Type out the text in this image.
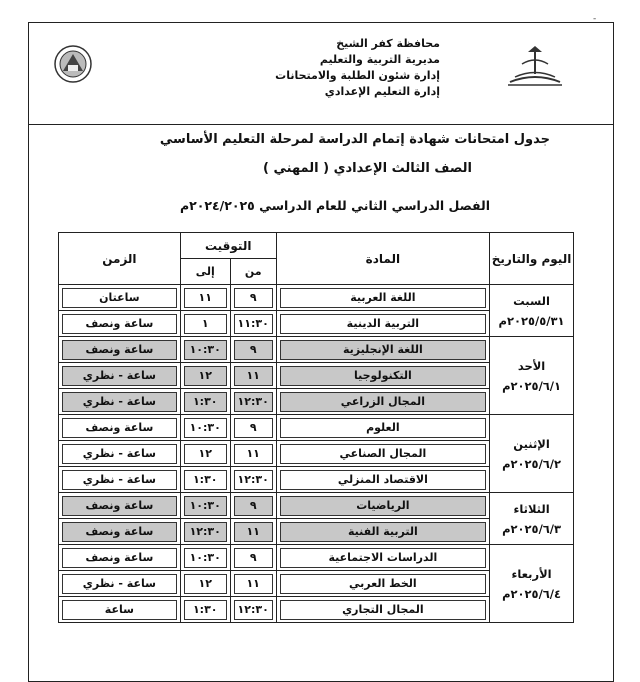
محافظة كفر الشيخ
مديرية التربية والتعليم
إدارة شئون الطلبة والامتحانات
إدارة التعليم الإعدادي
جدول امتحانات شهادة إتمام الدراسة لمرحلة التعليم الأساسي
الصف الثالث الإعدادي ( المهني )
الفصل الدراسي الثاني للعام الدراسي ٢٠٢٤/٢٠٢٥م
اليوم والتاريخ	المادة	التوقيت		الزمن
		من	إلى	

السبت
٢٠٢٥/٥/٣١م	اللغة العربية	٩	١١	ساعتان

	التربية الدينية	١١:٣٠	١	ساعة ونصف

الأحد
٢٠٢٥/٦/١م	اللغة الإنجليزية	٩	١٠:٣٠	ساعة ونصف

	التكنولوجيا	١١	١٢	ساعة - نظري

	المجال الزراعي	١٢:٣٠	١:٣٠	ساعة - نظري

الإثنين
٢٠٢٥/٦/٢م	العلوم	٩	١٠:٣٠	ساعة ونصف

	المجال الصناعي	١١	١٢	ساعة - نظري

	الاقتصاد المنزلي	١٢:٣٠	١:٣٠	ساعة - نظري

الثلاثاء
٢٠٢٥/٦/٣م	الرياضيات	٩	١٠:٣٠	ساعة ونصف

	التربية الفنية	١١	١٢:٣٠	ساعة ونصف

الأربعاء
٢٠٢٥/٦/٤م	الدراسات الاجتماعية	٩	١٠:٣٠	ساعة ونصف

	الخط العربي	١١	١٢	ساعة - نظري

	المجال التجاري	١٢:٣٠	١:٣٠	ساعة
-
